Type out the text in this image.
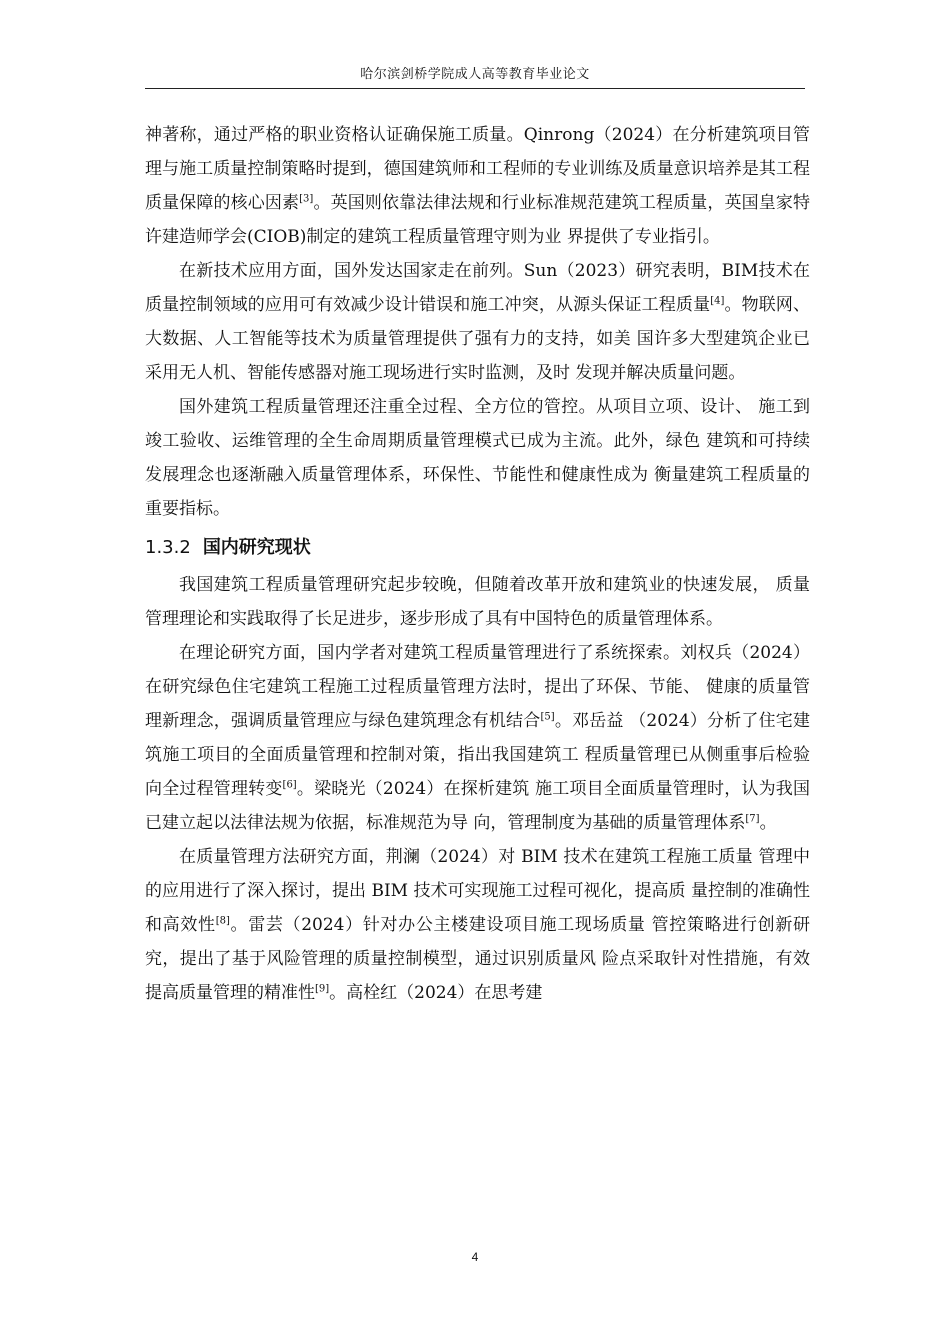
哈尔滨剑桥学院成人高等教育毕业论文

神著称，通过严格的职业资格认证确保施工质量。Qinrong（2024）在分析建筑项目管理与施工质量控制策略时提到，德国建筑师和工程师的专业训练及质量意识培养是其工程质量保障的核心因素[3]。英国则依靠法律法规和行业标准规范建筑工程质量，英国皇家特许建造师学会(CIOB)制定的建筑工程质量管理守则为业 界提供了专业指引。

在新技术应用方面，国外发达国家走在前列。Sun（2023）研究表明，BIM技术在质量控制领域的应用可有效减少设计错误和施工冲突，从源头保证工程质量[4]。物联网、大数据、人工智能等技术为质量管理提供了强有力的支持，如美 国许多大型建筑企业已采用无人机、智能传感器对施工现场进行实时监测，及时 发现并解决质量问题。

国外建筑工程质量管理还注重全过程、全方位的管控。从项目立项、设计、 施工到竣工验收、运维管理的全生命周期质量管理模式已成为主流。此外，绿色 建筑和可持续发展理念也逐渐融入质量管理体系，环保性、节能性和健康性成为 衡量建筑工程质量的重要指标。

1.3.2 国内研究现状

我国建筑工程质量管理研究起步较晚，但随着改革开放和建筑业的快速发展， 质量管理理论和实践取得了长足进步，逐步形成了具有中国特色的质量管理体系。

在理论研究方面，国内学者对建筑工程质量管理进行了系统探索。刘权兵（2024）在研究绿色住宅建筑工程施工过程质量管理方法时，提出了环保、节能、 健康的质量管理新理念，强调质量管理应与绿色建筑理念有机结合[5]。邓岳益 （2024）分析了住宅建筑施工项目的全面质量管理和控制对策，指出我国建筑工 程质量管理已从侧重事后检验向全过程管理转变[6]。梁晓光（2024）在探析建筑 施工项目全面质量管理时，认为我国已建立起以法律法规为依据，标准规范为导 向，管理制度为基础的质量管理体系[7]。

在质量管理方法研究方面，荆澜（2024）对 BIM 技术在建筑工程施工质量 管理中的应用进行了深入探讨，提出 BIM 技术可实现施工过程可视化，提高质 量控制的准确性和高效性[8]。雷芸（2024）针对办公主楼建设项目施工现场质量 管控策略进行创新研究，提出了基于风险管理的质量控制模型，通过识别质量风 险点采取针对性措施，有效提高质量管理的精准性[9]。高栓红（2024）在思考建

4
